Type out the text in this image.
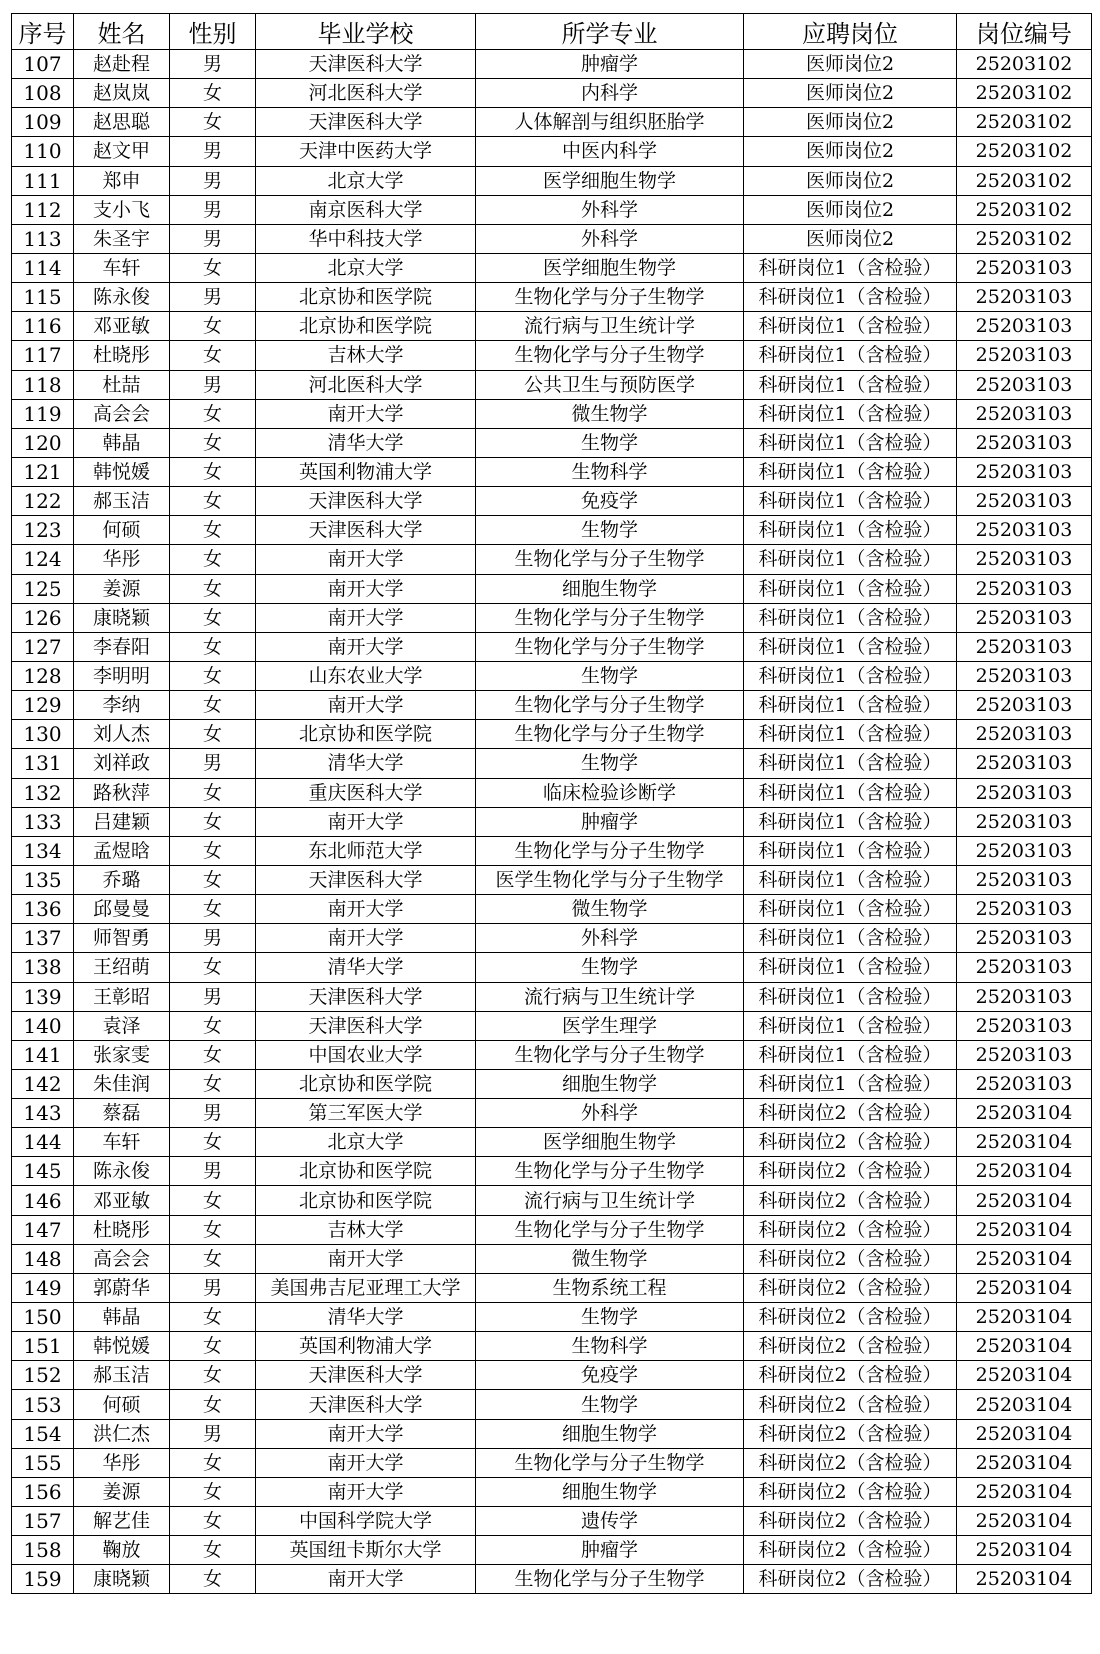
序号	姓名	性别	毕业学校	所学专业	应聘岗位	岗位编号
107	赵赴程	男	天津医科大学	肿瘤学	医师岗位2	25203102
108	赵岚岚	女	河北医科大学	内科学	医师岗位2	25203102
109	赵思聪	女	天津医科大学	人体解剖与组织胚胎学	医师岗位2	25203102
110	赵文甲	男	天津中医药大学	中医内科学	医师岗位2	25203102
111	郑申	男	北京大学	医学细胞生物学	医师岗位2	25203102
112	支小飞	男	南京医科大学	外科学	医师岗位2	25203102
113	朱圣宇	男	华中科技大学	外科学	医师岗位2	25203102
114	车轩	女	北京大学	医学细胞生物学	科研岗位1（含检验）	25203103
115	陈永俊	男	北京协和医学院	生物化学与分子生物学	科研岗位1（含检验）	25203103
116	邓亚敏	女	北京协和医学院	流行病与卫生统计学	科研岗位1（含检验）	25203103
117	杜晓彤	女	吉林大学	生物化学与分子生物学	科研岗位1（含检验）	25203103
118	杜喆	男	河北医科大学	公共卫生与预防医学	科研岗位1（含检验）	25203103
119	高会会	女	南开大学	微生物学	科研岗位1（含检验）	25203103
120	韩晶	女	清华大学	生物学	科研岗位1（含检验）	25203103
121	韩悦媛	女	英国利物浦大学	生物科学	科研岗位1（含检验）	25203103
122	郝玉洁	女	天津医科大学	免疫学	科研岗位1（含检验）	25203103
123	何硕	女	天津医科大学	生物学	科研岗位1（含检验）	25203103
124	华彤	女	南开大学	生物化学与分子生物学	科研岗位1（含检验）	25203103
125	姜源	女	南开大学	细胞生物学	科研岗位1（含检验）	25203103
126	康晓颖	女	南开大学	生物化学与分子生物学	科研岗位1（含检验）	25203103
127	李春阳	女	南开大学	生物化学与分子生物学	科研岗位1（含检验）	25203103
128	李明明	女	山东农业大学	生物学	科研岗位1（含检验）	25203103
129	李纳	女	南开大学	生物化学与分子生物学	科研岗位1（含检验）	25203103
130	刘人杰	女	北京协和医学院	生物化学与分子生物学	科研岗位1（含检验）	25203103
131	刘祥政	男	清华大学	生物学	科研岗位1（含检验）	25203103
132	路秋萍	女	重庆医科大学	临床检验诊断学	科研岗位1（含检验）	25203103
133	吕建颖	女	南开大学	肿瘤学	科研岗位1（含检验）	25203103
134	孟煜晗	女	东北师范大学	生物化学与分子生物学	科研岗位1（含检验）	25203103
135	乔璐	女	天津医科大学	医学生物化学与分子生物学	科研岗位1（含检验）	25203103
136	邱曼曼	女	南开大学	微生物学	科研岗位1（含检验）	25203103
137	师智勇	男	南开大学	外科学	科研岗位1（含检验）	25203103
138	王绍萌	女	清华大学	生物学	科研岗位1（含检验）	25203103
139	王彰昭	男	天津医科大学	流行病与卫生统计学	科研岗位1（含检验）	25203103
140	袁泽	女	天津医科大学	医学生理学	科研岗位1（含检验）	25203103
141	张家雯	女	中国农业大学	生物化学与分子生物学	科研岗位1（含检验）	25203103
142	朱佳润	女	北京协和医学院	细胞生物学	科研岗位1（含检验）	25203103
143	蔡磊	男	第三军医大学	外科学	科研岗位2（含检验）	25203104
144	车轩	女	北京大学	医学细胞生物学	科研岗位2（含检验）	25203104
145	陈永俊	男	北京协和医学院	生物化学与分子生物学	科研岗位2（含检验）	25203104
146	邓亚敏	女	北京协和医学院	流行病与卫生统计学	科研岗位2（含检验）	25203104
147	杜晓彤	女	吉林大学	生物化学与分子生物学	科研岗位2（含检验）	25203104
148	高会会	女	南开大学	微生物学	科研岗位2（含检验）	25203104
149	郭蔚华	男	美国弗吉尼亚理工大学	生物系统工程	科研岗位2（含检验）	25203104
150	韩晶	女	清华大学	生物学	科研岗位2（含检验）	25203104
151	韩悦媛	女	英国利物浦大学	生物科学	科研岗位2（含检验）	25203104
152	郝玉洁	女	天津医科大学	免疫学	科研岗位2（含检验）	25203104
153	何硕	女	天津医科大学	生物学	科研岗位2（含检验）	25203104
154	洪仁杰	男	南开大学	细胞生物学	科研岗位2（含检验）	25203104
155	华彤	女	南开大学	生物化学与分子生物学	科研岗位2（含检验）	25203104
156	姜源	女	南开大学	细胞生物学	科研岗位2（含检验）	25203104
157	解艺佳	女	中国科学院大学	遗传学	科研岗位2（含检验）	25203104
158	鞠放	女	英国纽卡斯尔大学	肿瘤学	科研岗位2（含检验）	25203104
159	康晓颖	女	南开大学	生物化学与分子生物学	科研岗位2（含检验）	25203104
